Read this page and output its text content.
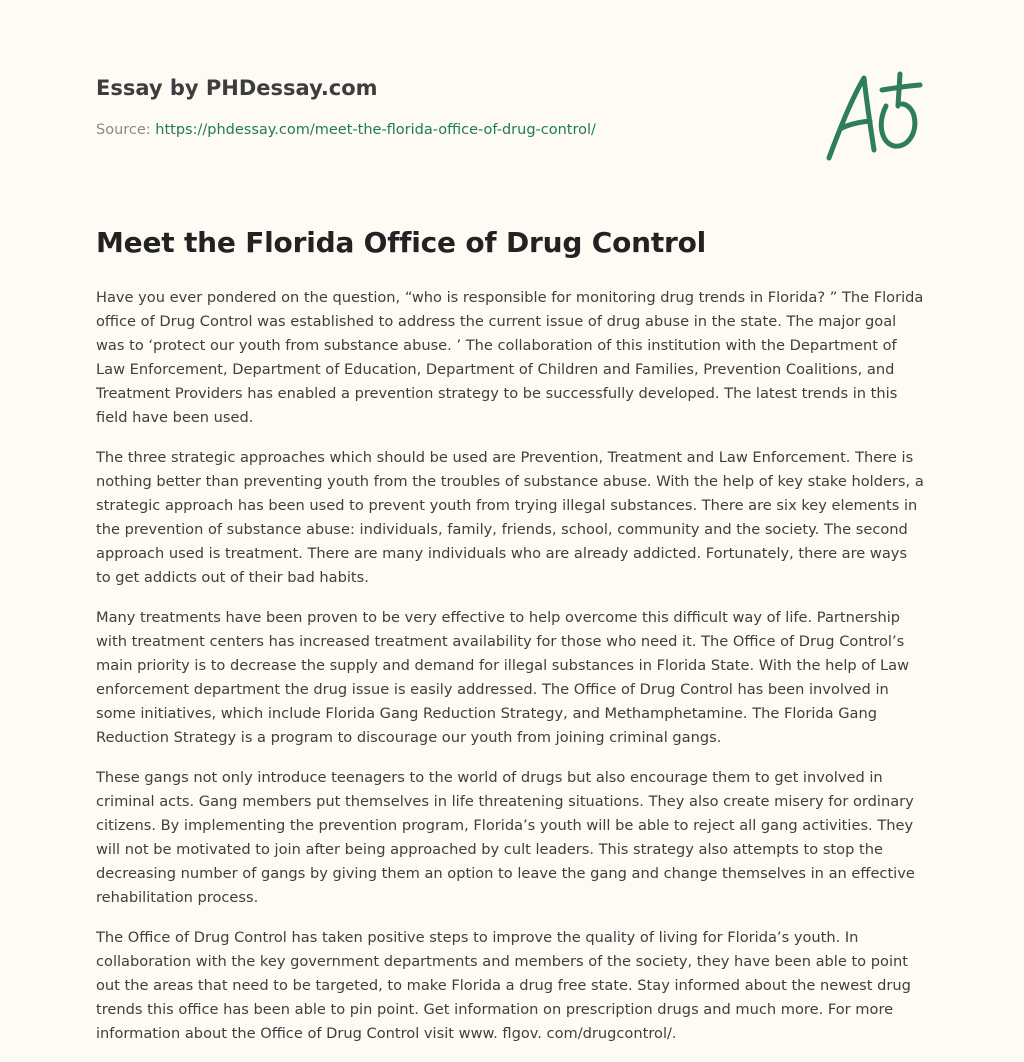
Essay by PHDessay.com
Source: https://phdessay.com/meet-the-florida-office-of-drug-control/
A+
Meet the Florida Office of Drug Control

Have you ever pondered on the question, “who is responsible for monitoring drug trends in Florida? ” The Florida office of Drug Control was established to address the current issue of drug abuse in the state. The major goal was to ‘protect our youth from substance abuse. ’ The collaboration of this institution with the Department of Law Enforcement, Department of Education, Department of Children and Families, Prevention Coalitions, and Treatment Providers has enabled a prevention strategy to be successfully developed. The latest trends in this field have been used.

The three strategic approaches which should be used are Prevention, Treatment and Law Enforcement. There is nothing better than preventing youth from the troubles of substance abuse. With the help of key stake holders, a strategic approach has been used to prevent youth from trying illegal substances. There are six key elements in the prevention of substance abuse: individuals, family, friends, school, community and the society. The second approach used is treatment. There are many individuals who are already addicted. Fortunately, there are ways to get addicts out of their bad habits.

Many treatments have been proven to be very effective to help overcome this difficult way of life. Partnership with treatment centers has increased treatment availability for those who need it. The Office of Drug Control’s main priority is to decrease the supply and demand for illegal substances in Florida State. With the help of Law enforcement department the drug issue is easily addressed. The Office of Drug Control has been involved in some initiatives, which include Florida Gang Reduction Strategy, and Methamphetamine. The Florida Gang Reduction Strategy is a program to discourage our youth from joining criminal gangs.

These gangs not only introduce teenagers to the world of drugs but also encourage them to get involved in criminal acts. Gang members put themselves in life threatening situations. They also create misery for ordinary citizens. By implementing the prevention program, Florida’s youth will be able to reject all gang activities. They will not be motivated to join after being approached by cult leaders. This strategy also attempts to stop the decreasing number of gangs by giving them an option to leave the gang and change themselves in an effective rehabilitation process.

The Office of Drug Control has taken positive steps to improve the quality of living for Florida’s youth. In collaboration with the key government departments and members of the society, they have been able to point out the areas that need to be targeted, to make Florida a drug free state. Stay informed about the newest drug trends this office has been able to pin point. Get information on prescription drugs and much more. For more information about the Office of Drug Control visit www. flgov. com/drugcontrol/.
